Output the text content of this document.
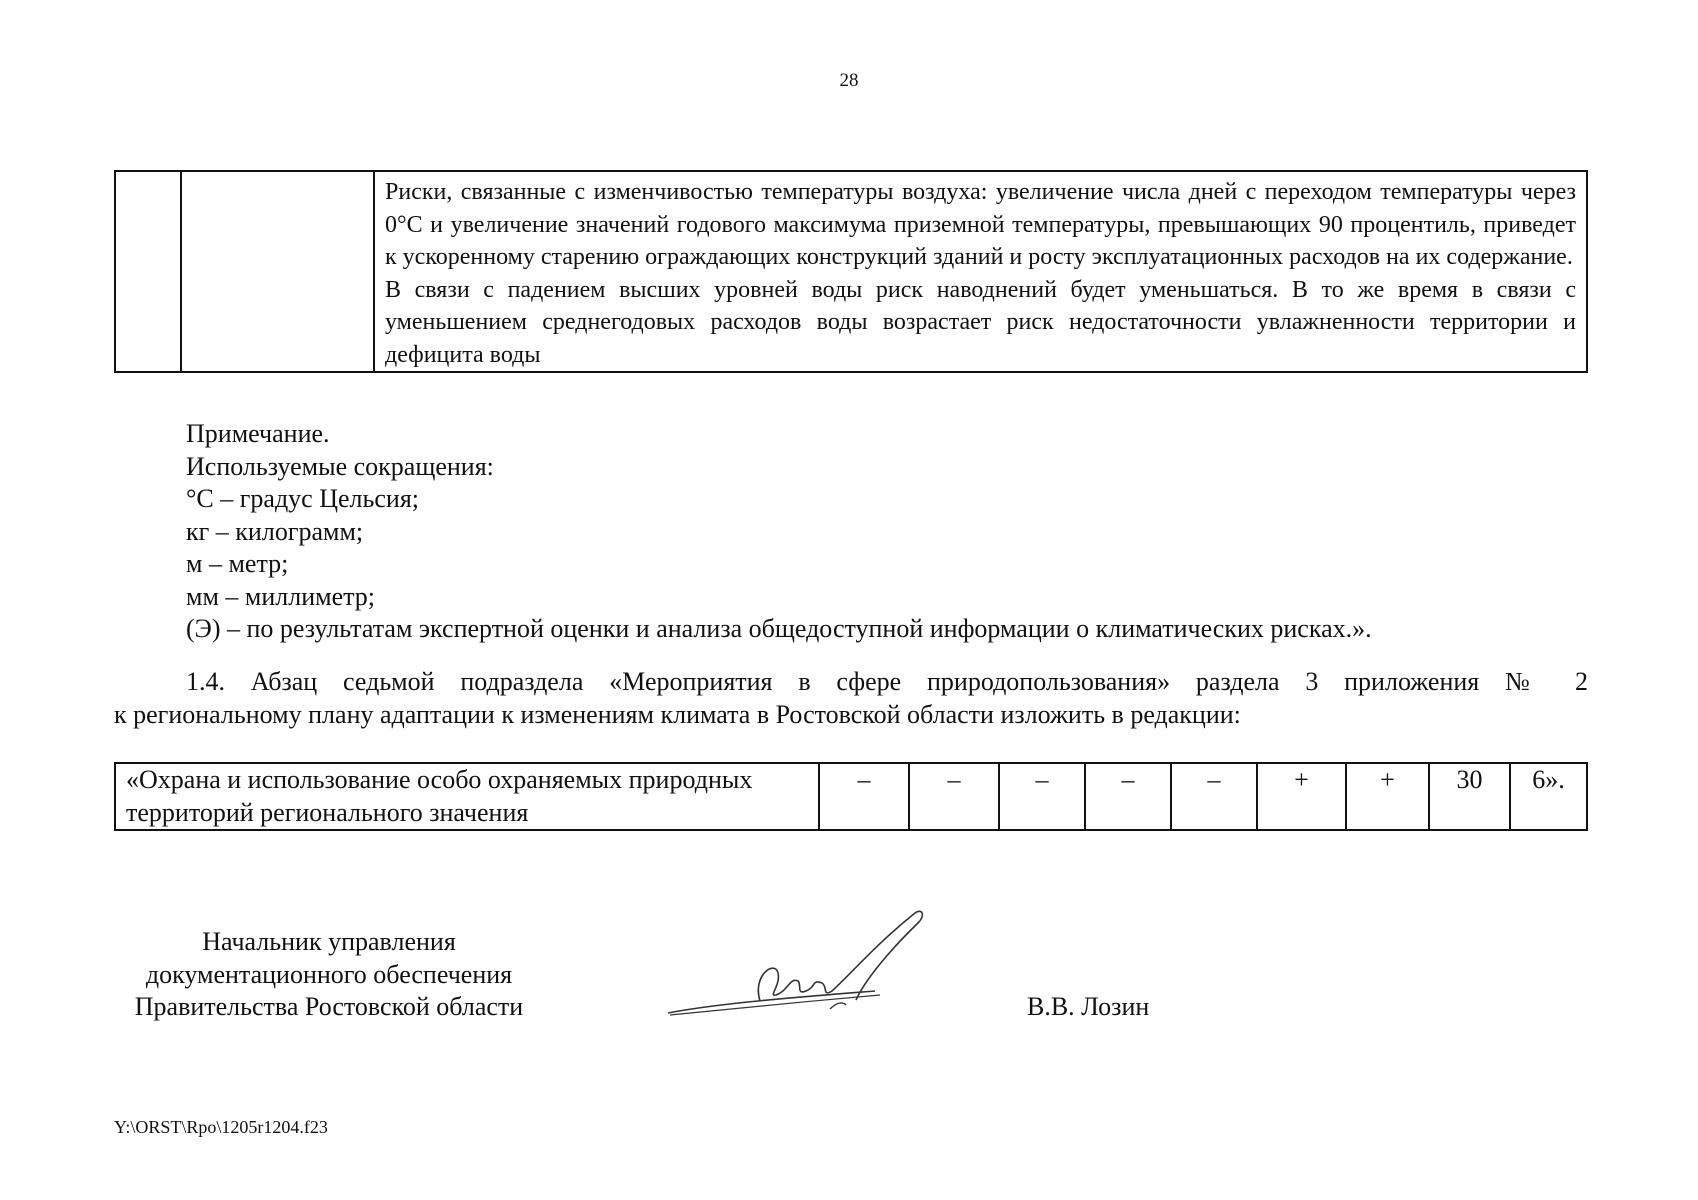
28

Риски, связанные с изменчивостью температуры воздуха: увеличение числа дней с переходом температуры через 0°С и увеличение значений годового максимума приземной температуры, превышающих 90 процентиль, приведет к ускоренному старению ограждающих конструкций зданий и росту эксплуатационных расходов на их содержание.

В связи с падением высших уровней воды риск наводнений будет уменьшаться. В то же время в связи с уменьшением среднегодовых расходов воды возрастает риск недостаточности увлажненности территории и дефицита воды

Примечание.
Используемые сокращения:
°С – градус Цельсия;
кг – килограмм;
м – метр;
мм – миллиметр;
(Э) – по результатам экспертной оценки и анализа общедоступной информации о климатических рисках.».
1.4. Абзац седьмой подраздела «Мероприятия в сфере природопользования» раздела 3 приложения № 2
к региональному плану адаптации к изменениям климата в Ростовской области изложить в редакции:
«Охрана и использование особо охраняемых природных территорий регионального значения	–	–	–	–	–	+	+	30	6».
Начальник управления
документационного обеспечения
Правительства Ростовской области	В.В. Лозин
Y:\ORST\Rpo\1205r1204.f23
